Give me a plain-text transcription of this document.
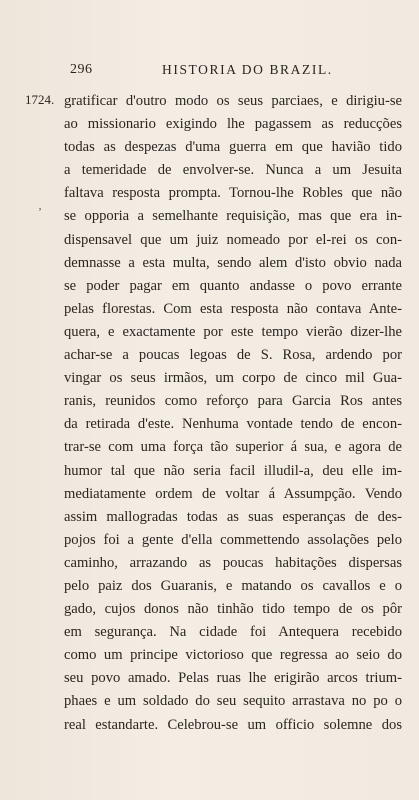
296	HISTORIA DO BRAZIL.
1724.
‚
gratificar d'outro modo os seus parciaes, e dirigiu-se
ao missionario exigindo lhe pagassem as reducções
todas as despezas d'uma guerra em que havião tido
a temeridade de envolver-se. Nunca a um Jesuita
faltava resposta prompta. Tornou-lhe Robles que não
se opporia a semelhante requisição, mas que era in-
dispensavel que um juiz nomeado por el-rei os con-
demnasse a esta multa, sendo alem d'isto obvio nada
se poder pagar em quanto andasse o povo errante
pelas florestas. Com esta resposta não contava Ante-
quera, e exactamente por este tempo vierão dizer-lhe
achar-se a poucas legoas de S. Rosa, ardendo por
vingar os seus irmãos, um corpo de cinco mil Gua-
ranis, reunidos como reforço para Garcia Ros antes
da retirada d'este. Nenhuma vontade tendo de encon-
trar-se com uma força tão superior á sua, e agora de
humor tal que não seria facil illudil-a, deu elle im-
mediatamente ordem de voltar á Assumpção. Vendo
assim mallogradas todas as suas esperanças de des-
pojos foi a gente d'ella commettendo assolações pelo
caminho, arrazando as poucas habitações dispersas
pelo paiz dos Guaranis, e matando os cavallos e o
gado, cujos donos não tinhão tido tempo de os pôr
em segurança. Na cidade foi Antequera recebido
como um principe victorioso que regressa ao seio do
seu povo amado. Pelas ruas lhe erigirão arcos trium-
phaes e um soldado do seu sequito arrastava no po o
real estandarte. Celebrou-se um officio solemne dos
